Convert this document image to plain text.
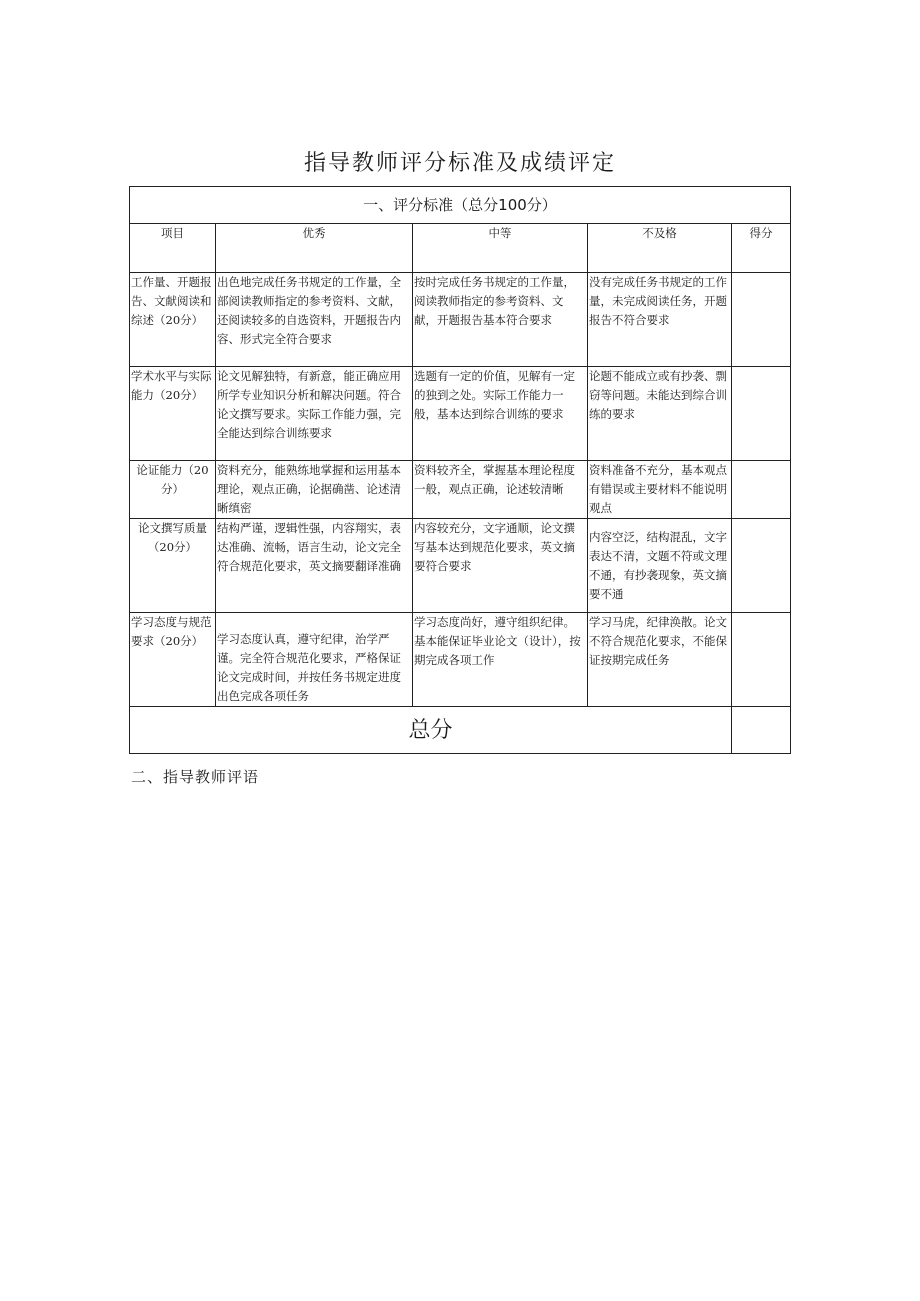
指导教师评分标准及成绩评定
一、评分标准（总分100分）				
项目	优秀	中等	不及格	得分
工作量、开题报告、文献阅读和综述（20分）	出色地完成任务书规定的工作量，全部阅读教师指定的参考资料、文献，还阅读较多的自选资料，开题报告内容、形式完全符合要求	按时完成任务书规定的工作量，阅读教师指定的参考资料、文献，开题报告基本符合要求	没有完成任务书规定的工作量，未完成阅读任务，开题报告不符合要求	
学术水平与实际能力（20分）	论文见解独特，有新意，能正确应用所学专业知识分析和解决问题。符合论文撰写要求。实际工作能力强，完全能达到综合训练要求	选题有一定的价值，见解有一定的独到之处。实际工作能力一般，基本达到综合训练的要求	论题不能成立或有抄袭、剽窃等问题。未能达到综合训练的要求	
论证能力（20分）	资料充分，能熟练地掌握和运用基本理论，观点正确，论据确凿、论述清晰缜密	资料较齐全，掌握基本理论程度一般，观点正确，论述较清晰	资料准备不充分，基本观点有错误或主要材料不能说明观点	
论文撰写质量（20分）	结构严谨，逻辑性强，内容翔实，表达准确、流畅，语言生动，论文完全符合规范化要求，英文摘要翻译准确	内容较充分，文字通顺，论文撰写基本达到规范化要求，英文摘要符合要求	内容空泛，结构混乱，文字表达不清，文题不符或文理不通，有抄袭现象，英文摘要不通	
学习态度与规范要求（20分）	学习态度认真，遵守纪律，治学严谨。完全符合规范化要求，严格保证论文完成时间，并按任务书规定进度出色完成各项任务	学习态度尚好，遵守组织纪律。基本能保证毕业论文（设计），按期完成各项工作	学习马虎，纪律涣散。论文不符合规范化要求，不能保证按期完成任务	
总分				
二、指导教师评语
